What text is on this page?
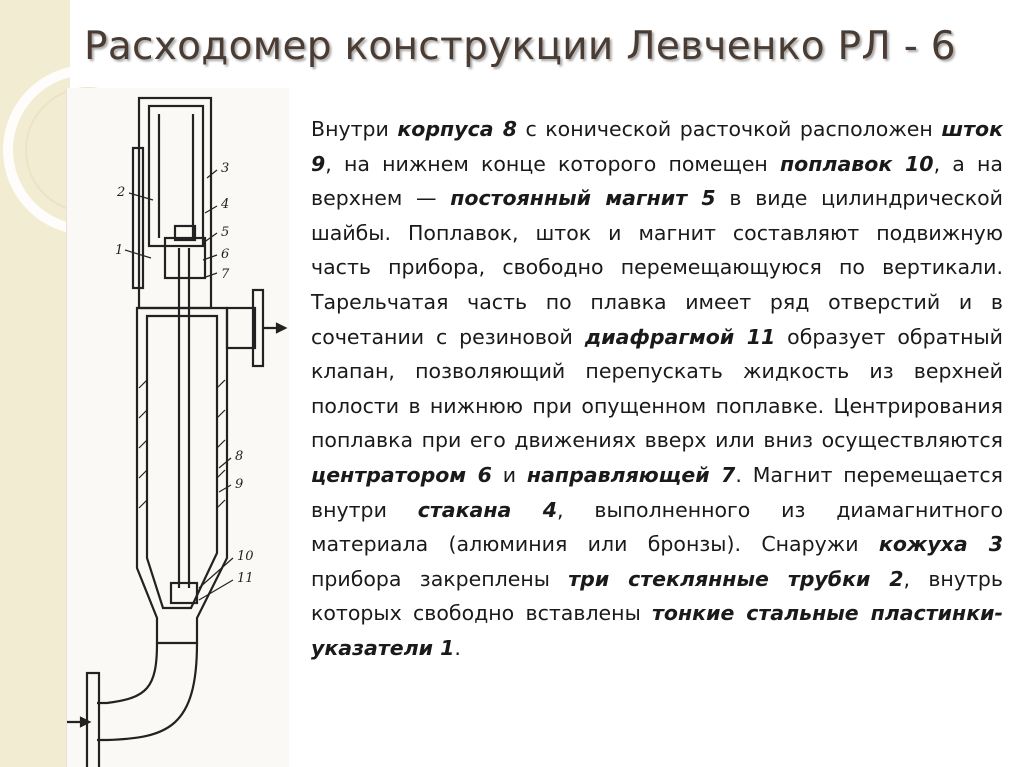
Расходомер конструкции Левченко РЛ - 6
1
2
3
4
5
6
7
8
9
10
11
Внутри корпуса 8 с конической расточкой расположен шток 9, на нижнем конце которого помещен поплавок 10, а на верхнем — постоянный магнит 5 в виде цилиндрической шайбы. Поплавок, шток и магнит составляют подвижную часть прибора, свободно перемещающуюся по вертикали. Тарельчатая часть по плавка имеет ряд отверстий и в сочетании с резиновой диафрагмой 11 образует обратный клапан, позволяющий перепускать жидкость из верхней полости в нижнюю при опущенном поплавке. Центрирования поплавка при его движениях вверх или вниз осуществляются центратором 6 и направляющей 7. Магнит перемещается внутри стакана 4, выполненного из диамагнитного материала (алюминия или бронзы). Снаружи кожуха 3 прибора закреплены три стеклянные трубки 2, внутрь которых свободно вставлены тонкие стальные пластинки-указатели 1.
